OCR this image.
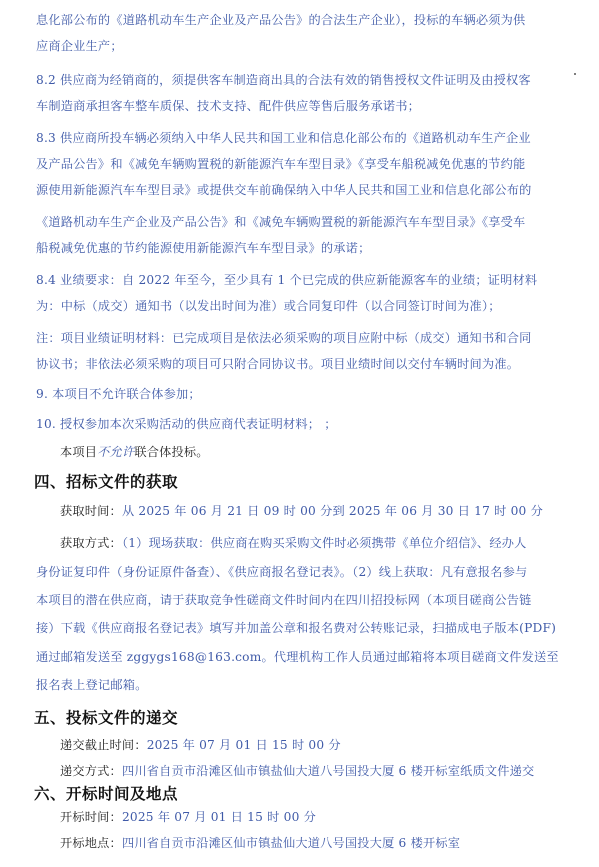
息化部公布的《道路机动车生产企业及产品公告》的合法生产企业），投标的车辆必须为供
应商企业生产；
8.2 供应商为经销商的，须提供客车制造商出具的合法有效的销售授权文件证明及由授权客
车制造商承担客车整车质保、技术支持、配件供应等售后服务承诺书；
8.3 供应商所投车辆必须纳入中华人民共和国工业和信息化部公布的《道路机动车生产企业
及产品公告》和《减免车辆购置税的新能源汽车车型目录》《享受车船税减免优惠的节约能
源使用新能源汽车车型目录》或提供交车前确保纳入中华人民共和国工业和信息化部公布的
《道路机动车生产企业及产品公告》和《减免车辆购置税的新能源汽车车型目录》《享受车
船税减免优惠的节约能源使用新能源汽车车型目录》的承诺；
8.4 业绩要求：自 2022 年至今，至少具有 1 个已完成的供应新能源客车的业绩；证明材料
为：中标（成交）通知书（以发出时间为准）或合同复印件（以合同签订时间为准）；
注：项目业绩证明材料：已完成项目是依法必须采购的项目应附中标（成交）通知书和合同
协议书；非依法必须采购的项目可只附合同协议书。项目业绩时间以交付车辆时间为准。
9. 本项目不允许联合体参加；
10. 授权参加本次采购活动的供应商代表证明材料； ；
本项目不允许联合体投标。
四、招标文件的获取
获取时间：从 2025 年 06 月 21 日 09 时 00 分到 2025 年 06 月 30 日 17 时 00 分
获取方式：（1）现场获取：供应商在购买采购文件时必须携带《单位介绍信》、经办人
身份证复印件（身份证原件备查）、《供应商报名登记表》。（2）线上获取：凡有意报名参与
本项目的潜在供应商，请于获取竞争性磋商文件时间内在四川招投标网（本项目磋商公告链
接）下载《供应商报名登记表》填写并加盖公章和报名费对公转账记录，扫描成电子版本(PDF)
通过邮箱发送至 zggygs168@163.com。代理机构工作人员通过邮箱将本项目磋商文件发送至
报名表上登记邮箱。
五、投标文件的递交
递交截止时间：2025 年 07 月 01 日 15 时 00 分
递交方式：四川省自贡市沿滩区仙市镇盐仙大道八号国投大厦 6 楼开标室纸质文件递交
六、开标时间及地点
开标时间：2025 年 07 月 01 日 15 时 00 分
开标地点：四川省自贡市沿滩区仙市镇盐仙大道八号国投大厦 6 楼开标室
